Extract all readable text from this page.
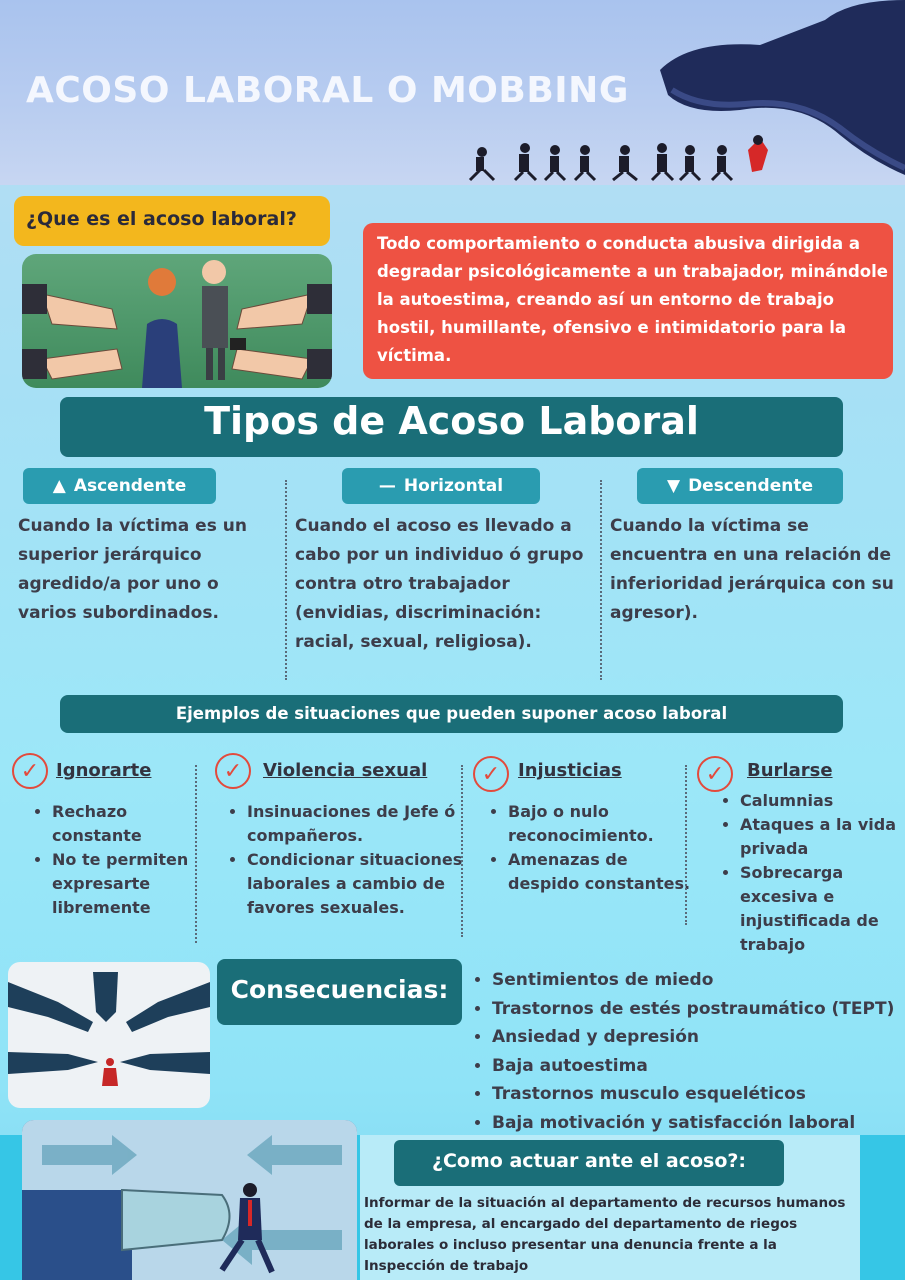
ACOSO LABORAL O MOBBING
¿Que es el acoso laboral?
Todo comportamiento o conducta abusiva dirigida a degradar psicológicamente a un trabajador, minándole la autoestima, creando así un entorno de trabajo hostil, humillante, ofensivo e intimidatorio para la víctima.
Tipos de Acoso Laboral
▲ Ascendente	— Horizontal	▼ Descendente
Cuando la víctima es un superior jerárquico agredido/a por uno o varios subordinados.
Cuando el acoso es llevado a cabo por un individuo ó grupo contra otro trabajador (envidias, discriminación: racial, sexual, religiosa).
Cuando la víctima se encuentra en una relación de inferioridad jerárquica con su agresor).
Ejemplos de situaciones que pueden suponer acoso laboral
✓ Ignorarte
• Rechazo constante
• No te permiten expresarte libremente
✓	Violencia sexual
• Insinuaciones de Jefe ó compañeros.
• Condicionar situaciones laborales a cambio de favores sexuales.
✓ Injusticias
• Bajo o nulo reconocimiento.
• Amenazas de despido constantes.
✓	Burlarse
• Calumnias
• Ataques a la vida privada
• Sobrecarga excesiva e injustificada de trabajo
Consecuencias:
•	Sentimientos de miedo
• Trastornos de estés postraumático (TEPT)
• Ansiedad y depresión
• Baja autoestima
• Trastornos musculo esqueléticos
• Baja motivación y satisfacción laboral
¿Como actuar ante el acoso?:
Informar de la situación al departamento de recursos humanos de la empresa, al encargado del departamento de riegos laborales o incluso presentar una denuncia frente a la Inspección de trabajo
